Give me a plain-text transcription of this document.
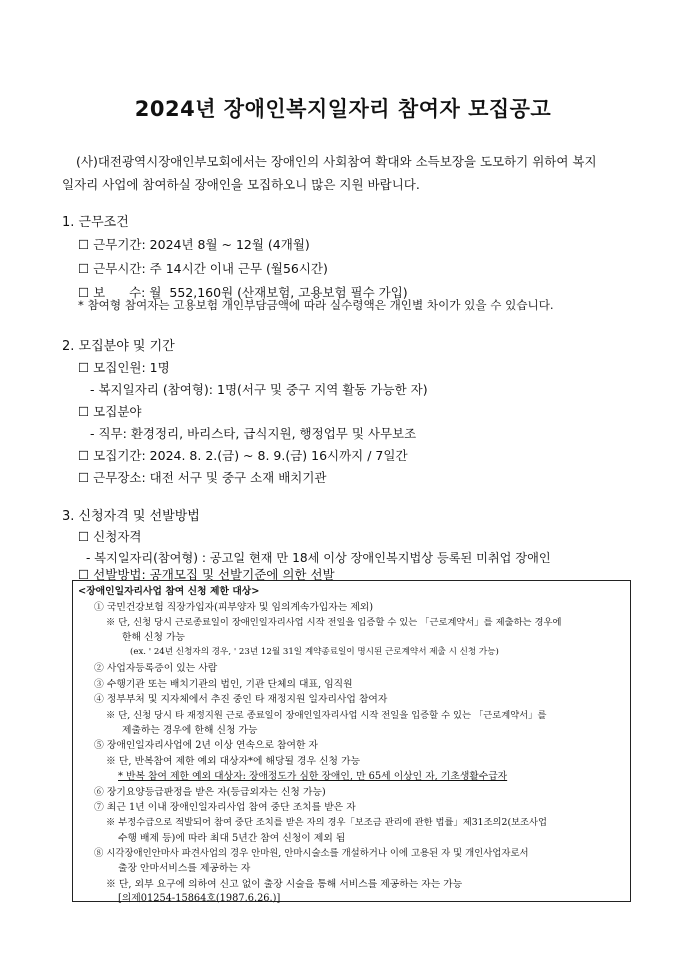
2024년 장애인복지일자리 참여자 모집공고
(사)대전광역시장애인부모회에서는 장애인의 사회참여 확대와 소득보장을 도모하기 위하여 복지
일자리 사업에 참여하실 장애인을 모집하오니 많은 지원 바랍니다.
1. 근무조건
☐ 근무기간: 2024년 8월 ~ 12월 (4개월)
☐ 근무시간: 주 14시간 이내 근무 (월56시간)
☐ 보      수: 월  552,160원 (산재보험, 고용보험 필수 가입)
* 참여형 참여자는 고용보험 개인부담금액에 따라 실수령액은 개인별 차이가 있을 수 있습니다.
2. 모집분야 및 기간
☐ 모집인원: 1명
- 복지일자리 (참여형): 1명(서구 및 중구 지역 활동 가능한 자)
☐ 모집분야
- 직무: 환경정리, 바리스타, 급식지원, 행정업무 및 사무보조
☐ 모집기간: 2024. 8. 2.(금) ~ 8. 9.(금) 16시까지 / 7일간
☐ 근무장소: 대전 서구 및 중구 소재 배치기관
3. 신청자격 및 선발방법
☐ 신청자격
- 복지일자리(참여형) : 공고일 현재 만 18세 이상 장애인복지법상 등록된 미취업 장애인
☐ 선발방법: 공개모집 및 선발기준에 의한 선발
<장애인일자리사업 참여 신청 제한 대상>
① 국민건강보험 직장가입자(피부양자 및 임의계속가입자는 제외)
※ 단, 신청 당시 근로종료일이 장애인일자리사업 시작 전일을 입증할 수 있는 「근로계약서」를 제출하는 경우에
한해 신청 가능
(ex. ' 24년 신청자의 경우, ' 23년 12월 31일 계약종료일이 명시된 근로계약서 제출 시 신청 가능)
② 사업자등록증이 있는 사람
③ 수행기관 또는 배치기관의 법인, 기관 단체의 대표, 임직원
④ 정부부처 및 지자체에서 추진 중인 타 재정지원 일자리사업 참여자
※ 단, 신청 당시 타 재정지원 근로 종료일이 장애인일자리사업 시작 전일을 입증할 수 있는 「근로계약서」를
제출하는 경우에 한해 신청 가능
⑤ 장애인일자리사업에 2년 이상 연속으로 참여한 자
※ 단, 반복참여 제한 예외 대상자*에 해당될 경우 신청 가능
* 반복 참여 제한 예외 대상자: 장애정도가 심한 장애인, 만 65세 이상인 자, 기초생활수급자
⑥ 장기요양등급판정을 받은 자(등급외자는 신청 가능)
⑦ 최근 1년 이내 장애인일자리사업 참여 중단 조치를 받은 자
※ 부정수급으로 적발되어 참여 중단 조치를 받은 자의 경우「보조금 관리에 관한 법률」제31조의2(보조사업
수행 배제 등)에 따라 최대 5년간 참여 신청이 제외 됨
⑧ 시각장애인안마사 파견사업의 경우 안마원, 안마시술소를 개설하거나 이에 고용된 자 및 개인사업자로서
출장 안마서비스를 제공하는 자
※ 단, 외부 요구에 의하여 신고 없이 출장 시술을 통해 서비스를 제공하는 자는 가능
[의제01254-15864호(1987.6.26.)]
